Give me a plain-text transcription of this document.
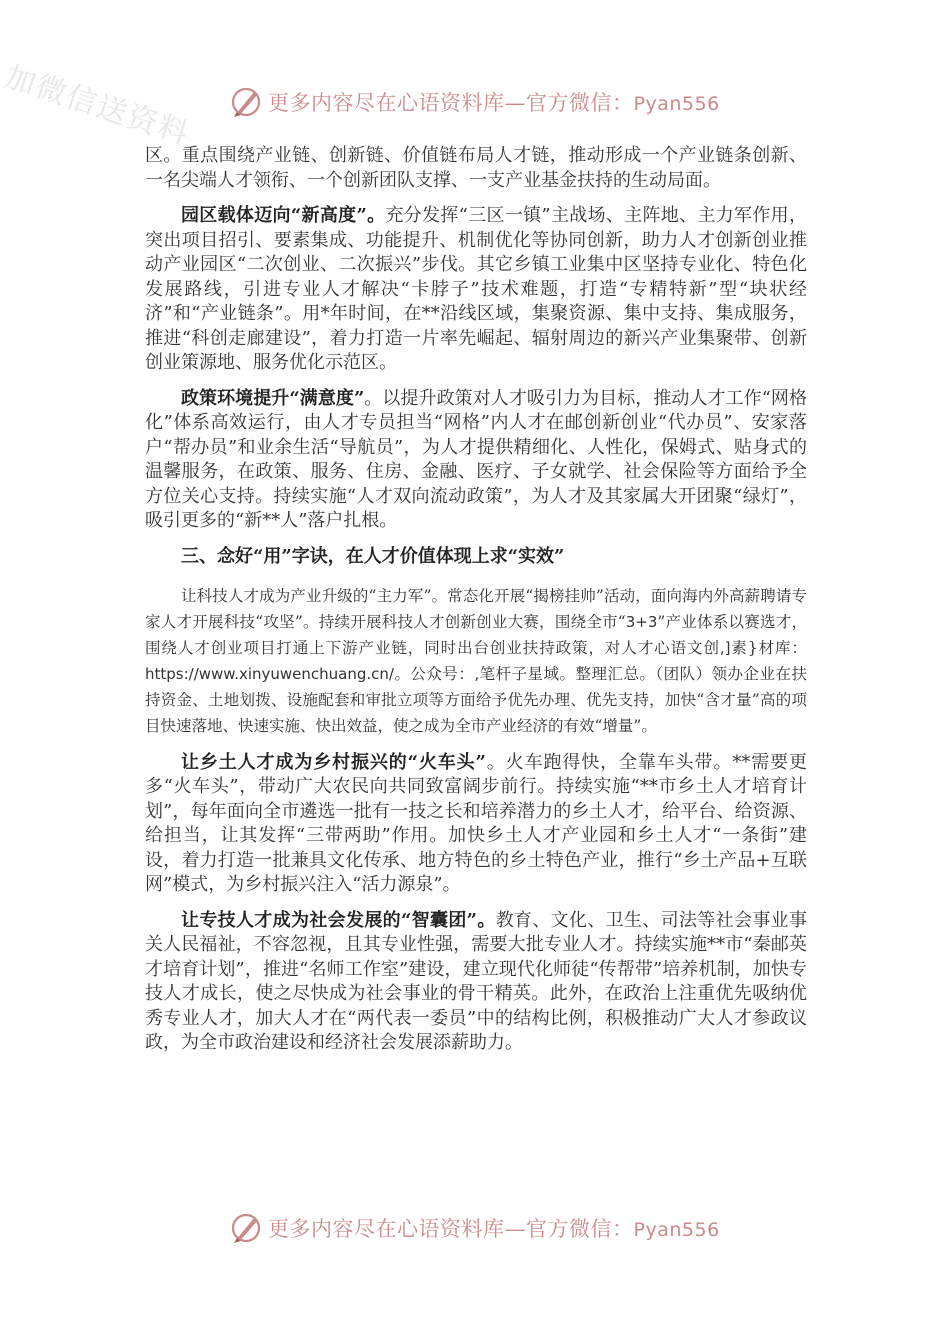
加微信送资料	更多内容尽在心语资料库—官方微信：Pyan556

区。重点围绕产业链、创新链、价值链布局人才链，推动形成一个产业链条创新、一名尖端人才领衔、一个创新团队支撑、一支产业基金扶持的生动局面。

园区载体迈向“新高度”。充分发挥“三区一镇”主战场、主阵地、主力军作用，突出项目招引、要素集成、功能提升、机制优化等协同创新，助力人才创新创业推动产业园区“二次创业、二次振兴”步伐。其它乡镇工业集中区坚持专业化、特色化发展路线，引进专业人才解决“卡脖子”技术难题，打造“专精特新”型“块状经济”和“产业链条”。用*年时间，在**沿线区域，集聚资源、集中支持、集成服务，推进“科创走廊建设”，着力打造一片率先崛起、辐射周边的新兴产业集聚带、创新创业策源地、服务优化示范区。

政策环境提升“满意度”。以提升政策对人才吸引力为目标，推动人才工作“网格化”体系高效运行，由人才专员担当“网格”内人才在邮创新创业“代办员”、安家落户“帮办员”和业余生活“导航员”，为人才提供精细化、人性化，保姆式、贴身式的温馨服务，在政策、服务、住房、金融、医疗、子女就学、社会保险等方面给予全方位关心支持。持续实施“人才双向流动政策”，为人才及其家属大开团聚“绿灯”，吸引更多的“新**人”落户扎根。

三、念好“用”字诀，在人才价值体现上求“实效”

让科技人才成为产业升级的“主力军”。常态化开展“揭榜挂帅”活动，面向海内外高薪聘请专家人才开展科技“攻坚”。持续开展科技人才创新创业大赛，围绕全市“3+3”产业体系以赛选才，围绕人才创业项目打通上下游产业链，同时出台创业扶持政策，对人才心语文创,]素}材库：https://www.xinyuwenchuang.cn/。公众号：,笔杆子星域。整理汇总。（团队）领办企业在扶持资金、土地划拨、设施配套和审批立项等方面给予优先办理、优先支持，加快“含才量”高的项目快速落地、快速实施、快出效益，使之成为全市产业经济的有效“增量”。

让乡土人才成为乡村振兴的“火车头”。火车跑得快，全靠车头带。**需要更多“火车头”，带动广大农民向共同致富阔步前行。持续实施“**市乡土人才培育计划”，每年面向全市遴选一批有一技之长和培养潜力的乡土人才，给平台、给资源、给担当，让其发挥“三带两助”作用。加快乡土人才产业园和乡土人才“一条街”建设，着力打造一批兼具文化传承、地方特色的乡土特色产业，推行“乡土产品+互联网”模式，为乡村振兴注入“活力源泉”。

让专技人才成为社会发展的“智囊团”。教育、文化、卫生、司法等社会事业事关人民福祉，不容忽视，且其专业性强，需要大批专业人才。持续实施**市“秦邮英才培育计划”，推进“名师工作室”建设，建立现代化师徒“传帮带”培养机制，加快专技人才成长，使之尽快成为社会事业的骨干精英。此外，在政治上注重优先吸纳优秀专业人才，加大人才在“两代表一委员”中的结构比例，积极推动广大人才参政议政，为全市政治建设和经济社会发展添薪助力。

更多内容尽在心语资料库—官方微信：Pyan556
